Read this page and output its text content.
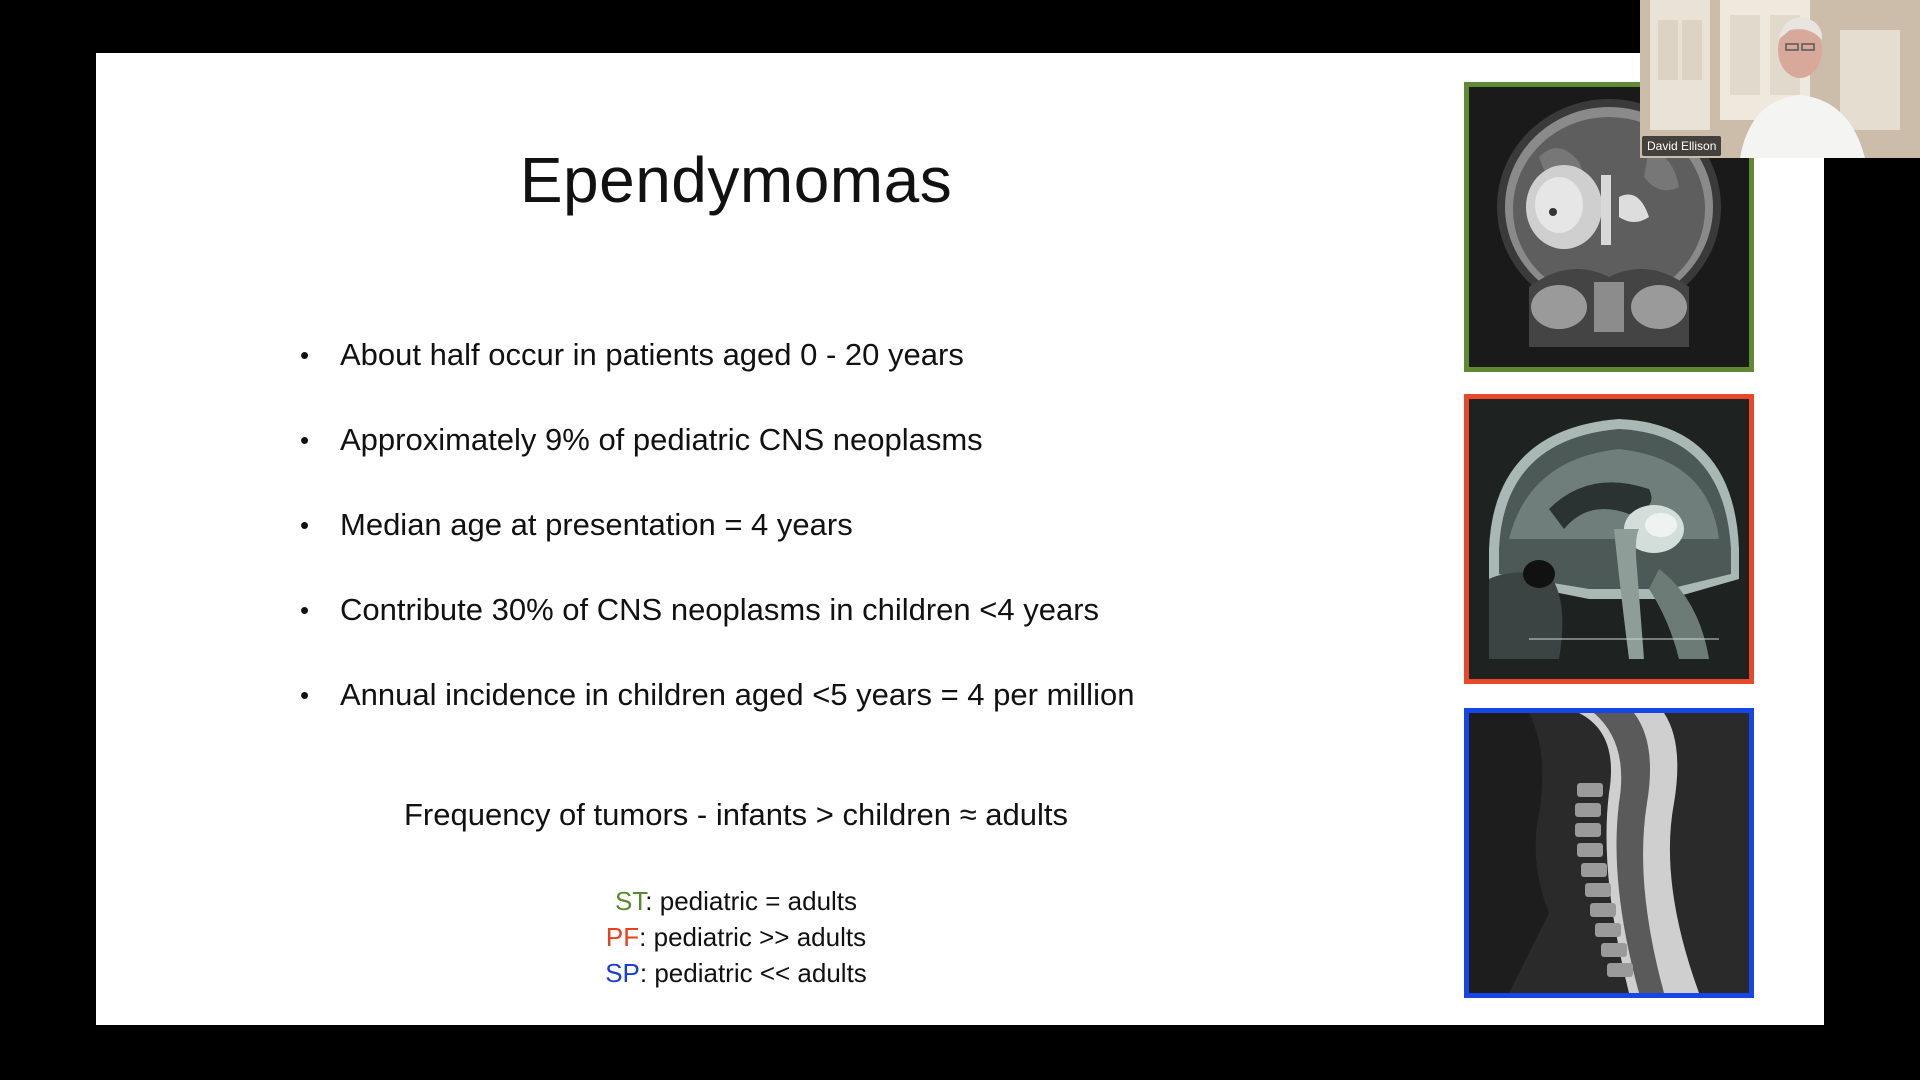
Ependymomas
• About half occur in patients aged 0 - 20 years
• Approximately 9% of pediatric CNS neoplasms
• Median age at presentation = 4 years
• Contribute 30% of CNS neoplasms in children <4 years
• Annual incidence in children aged <5 years = 4 per million
Frequency of tumors - infants > children ≈ adults
ST: pediatric = adults
PF: pediatric >> adults
SP: pediatric << adults
David Ellison
